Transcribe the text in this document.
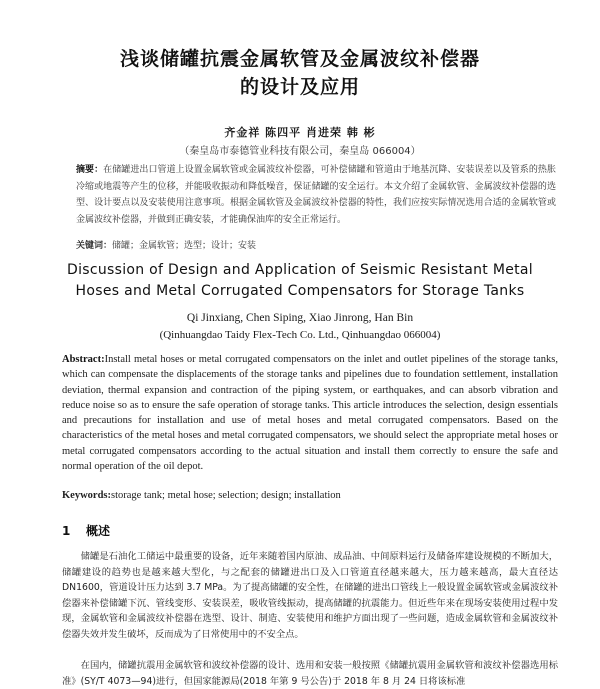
浅谈储罐抗震金属软管及金属波纹补偿器
的设计及应用
齐金祥 陈四平 肖进荣 韩 彬
（秦皇岛市泰德管业科技有限公司，秦皇岛 066004）
摘要：在储罐进出口管道上设置金属软管或金属波纹补偿器，可补偿储罐和管道由于地基沉降、安装误差以及管系的热胀冷缩或地震等产生的位移，并能吸收振动和降低噪音，保证储罐的安全运行。本文介绍了金属软管、金属波纹补偿器的选型、设计要点以及安装使用注意事项。根据金属软管及金属波纹补偿器的特性，我们应按实际情况选用合适的金属软管或金属波纹补偿器，并做到正确安装，才能确保油库的安全正常运行。
关键词：储罐；金属软管；选型；设计；安装
Discussion of Design and Application of Seismic Resistant Metal
Hoses and Metal Corrugated Compensators for Storage Tanks
Qi Jinxiang, Chen Siping, Xiao Jinrong, Han Bin
(Qinhuangdao Taidy Flex-Tech Co. Ltd., Qinhuangdao 066004)
Abstract:Install metal hoses or metal corrugated compensators on the inlet and outlet pipelines of the storage tanks, which can compensate the displacements of the storage tanks and pipelines due to foundation settlement, installation deviation, thermal expansion and contraction of the piping system, or earthquakes, and can absorb vibration and reduce noise so as to ensure the safe operation of storage tanks. This article introduces the selection, design essentials and precautions for installation and use of metal hoses and metal corrugated compensators. Based on the characteristics of the metal hoses and metal corrugated compensators, we should select the appropriate metal hoses or metal corrugated compensators according to the actual situation and install them correctly to ensure the safe and normal operation of the oil depot.
Keywords:storage tank; metal hose; selection; design; installation
1 概述
储罐是石油化工储运中最重要的设备，近年来随着国内原油、成品油、中间原料运行及储备库建设规模的不断加大，储罐建设的趋势也是越来越大型化，与之配套的储罐进出口及入口管道直径越来越大，压力越来越高，最大直径达 DN1600，管道设计压力达到 3.7 MPa。为了提高储罐的安全性，在储罐的进出口管线上一般设置金属软管或金属波纹补偿器来补偿储罐下沉、管线变形、安装误差，吸收管线振动，提高储罐的抗震能力。但近些年来在现场安装使用过程中发现，金属软管和金属波纹补偿器在选型、设计、制造、安装使用和维护方面出现了一些问题，造成金属软管和金属波纹补偿器失效并发生破坏，反而成为了日常使用中的不安全点。
在国内，储罐抗震用金属软管和波纹补偿器的设计、选用和安装一般按照《储罐抗震用金属软管和波纹补偿器选用标准》(SY/T 4073—94)进行，但国家能源局(2018 年第 9 号公告)于 2018 年 8 月 24 日将该标准
